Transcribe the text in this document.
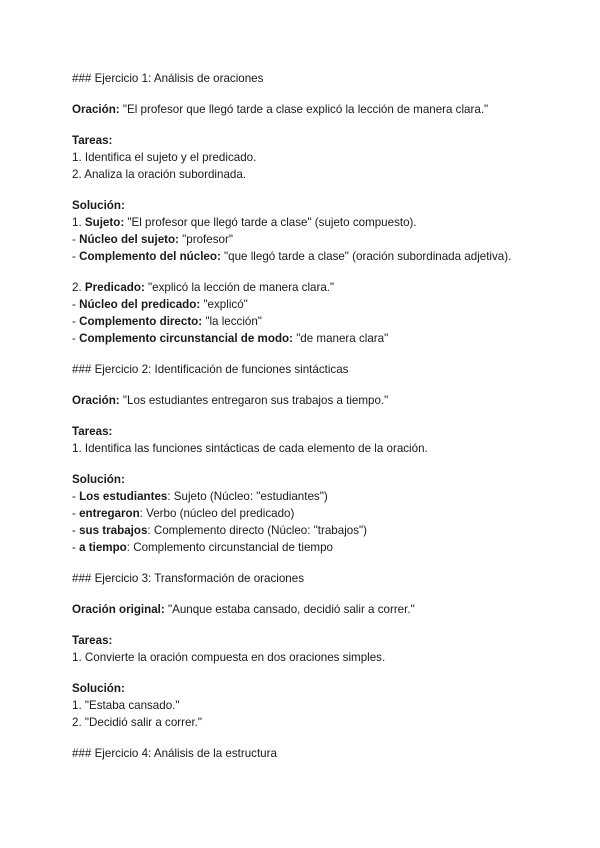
### Ejercicio 1: Análisis de oraciones
Oración: "El profesor que llegó tarde a clase explicó la lección de manera clara."
Tareas:
1. Identifica el sujeto y el predicado.
2. Analiza la oración subordinada.
Solución:
1. Sujeto: "El profesor que llegó tarde a clase" (sujeto compuesto).
- Núcleo del sujeto: "profesor"
- Complemento del núcleo: "que llegó tarde a clase" (oración subordinada adjetiva).
2. Predicado: "explicó la lección de manera clara."
- Núcleo del predicado: "explicó"
- Complemento directo: "la lección"
- Complemento circunstancial de modo: "de manera clara"
### Ejercicio 2: Identificación de funciones sintácticas
Oración: "Los estudiantes entregaron sus trabajos a tiempo."
Tareas:
1. Identifica las funciones sintácticas de cada elemento de la oración.
Solución:
- Los estudiantes: Sujeto (Núcleo: "estudiantes")
- entregaron: Verbo (núcleo del predicado)
- sus trabajos: Complemento directo (Núcleo: "trabajos")
- a tiempo: Complemento circunstancial de tiempo
### Ejercicio 3: Transformación de oraciones
Oración original: "Aunque estaba cansado, decidió salir a correr."
Tareas:
1. Convierte la oración compuesta en dos oraciones simples.
Solución:
1. "Estaba cansado."
2. "Decidió salir a correr."
### Ejercicio 4: Análisis de la estructura
